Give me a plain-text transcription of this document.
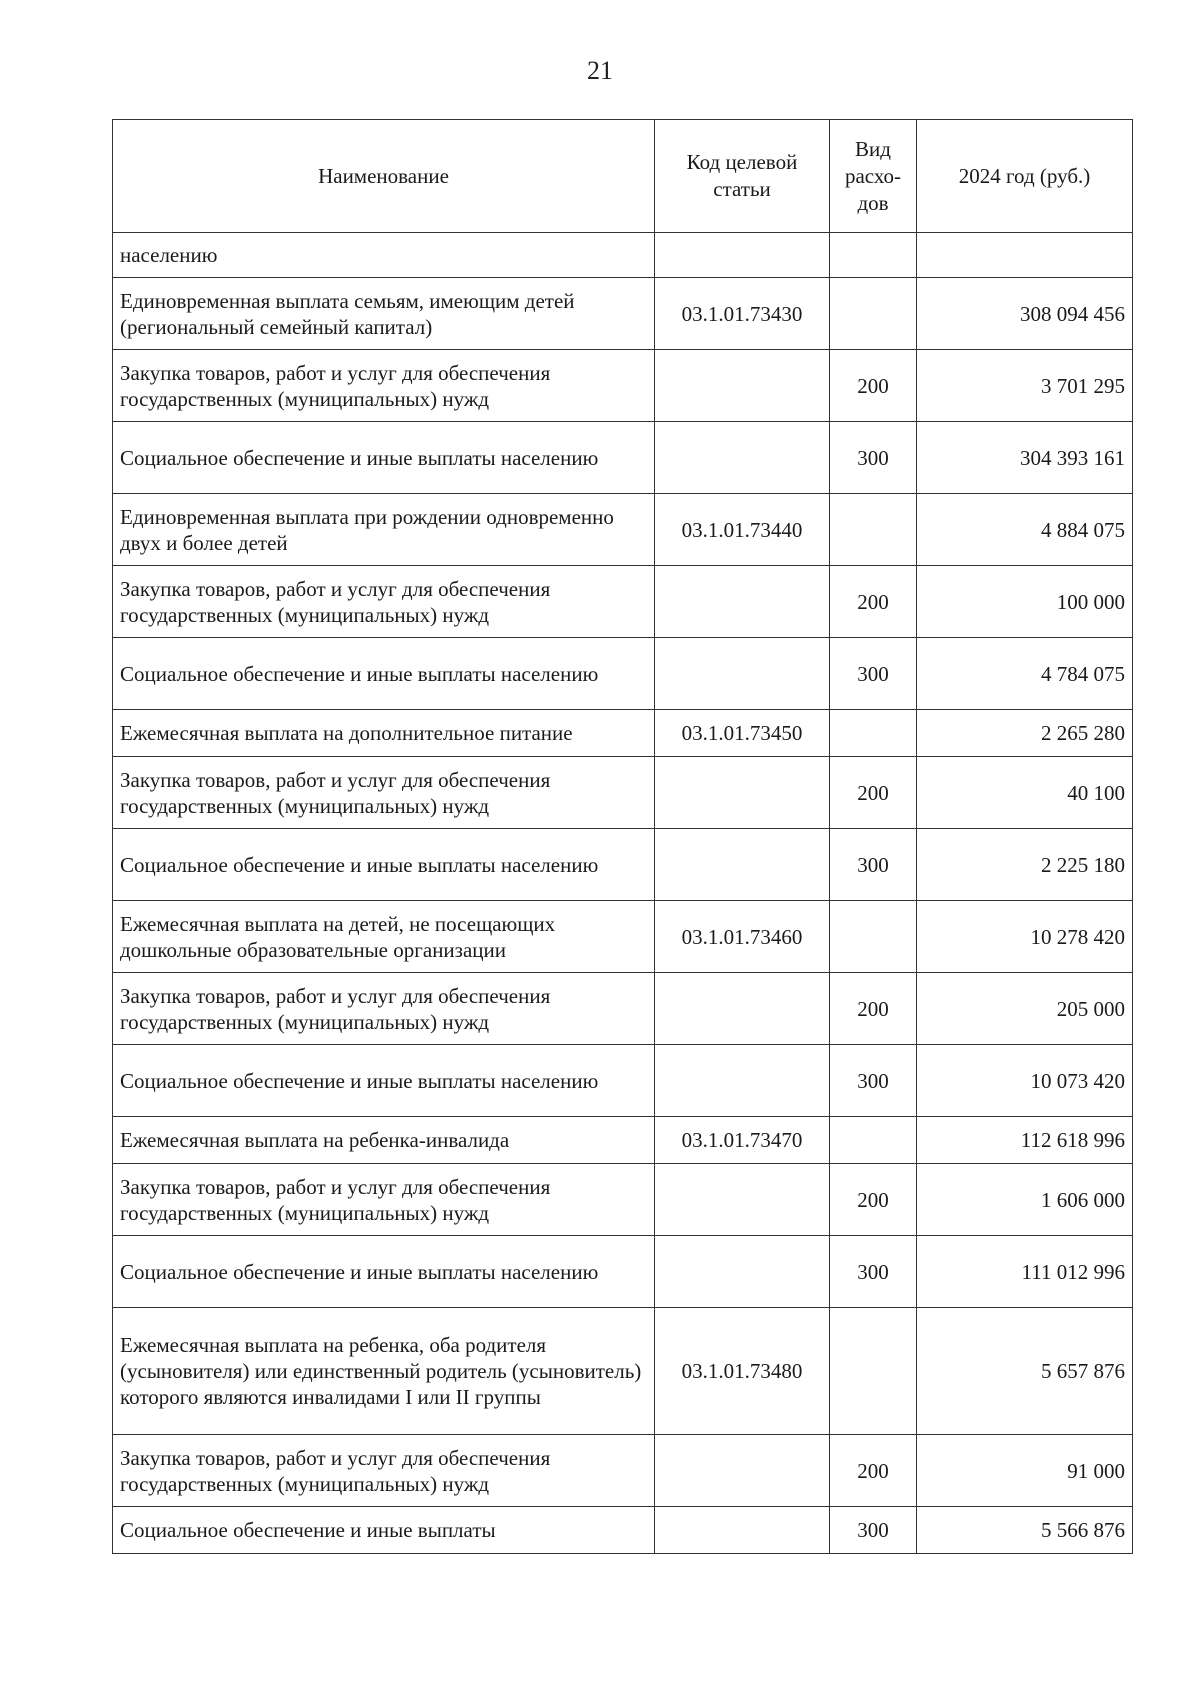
21
Наименование	Код целевой статьи	Вид расхо-дов	2024 год (руб.)
населению			
Единовременная выплата семьям, имеющим детей (региональный семейный капитал)	03.1.01.73430		308 094 456
Закупка товаров, работ и услуг для обеспечения государственных (муниципальных) нужд		200	3 701 295
Социальное обеспечение и иные выплаты населению		300	304 393 161
Единовременная выплата при рождении одновременно двух и более детей	03.1.01.73440		4 884 075
Закупка товаров, работ и услуг для обеспечения государственных (муниципальных) нужд		200	100 000
Социальное обеспечение и иные выплаты населению		300	4 784 075
Ежемесячная выплата на дополнительное питание	03.1.01.73450		2 265 280
Закупка товаров, работ и услуг для обеспечения государственных (муниципальных) нужд		200	40 100
Социальное обеспечение и иные выплаты населению		300	2 225 180
Ежемесячная выплата на детей, не посещающих дошкольные образовательные организации	03.1.01.73460		10 278 420
Закупка товаров, работ и услуг для обеспечения государственных (муниципальных) нужд		200	205 000
Социальное обеспечение и иные выплаты населению		300	10 073 420
Ежемесячная выплата на ребенка-инвалида	03.1.01.73470		112 618 996
Закупка товаров, работ и услуг для обеспечения государственных (муниципальных) нужд		200	1 606 000
Социальное обеспечение и иные выплаты населению		300	111 012 996
Ежемесячная выплата на ребенка, оба родителя (усыновителя) или единственный родитель (усыновитель) которого являются инвалидами I или II группы	03.1.01.73480		5 657 876
Закупка товаров, работ и услуг для обеспечения государственных (муниципальных) нужд		200	91 000
Социальное обеспечение и иные выплаты		300	5 566 876
